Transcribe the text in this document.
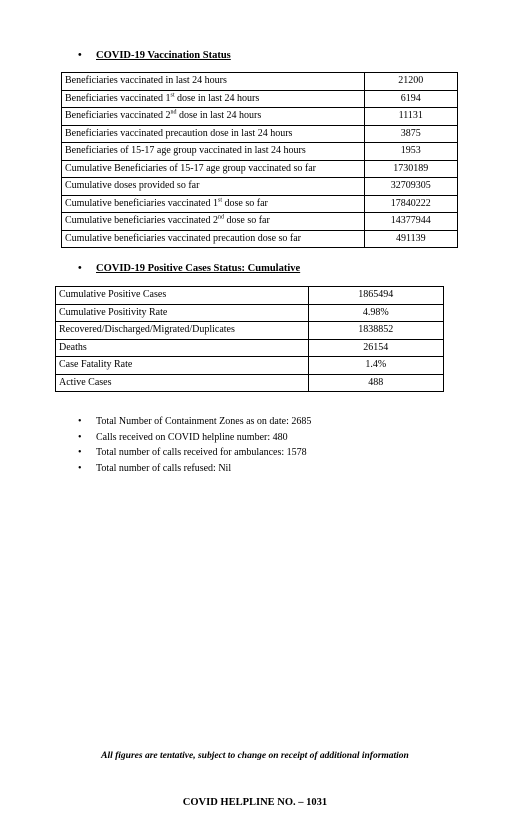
• COVID-19 Vaccination Status
Beneficiaries vaccinated in last 24 hours	21200
Beneficiaries vaccinated 1st dose in last 24 hours	6194
Beneficiaries vaccinated 2nd dose in last 24 hours	11131
Beneficiaries vaccinated precaution dose in last 24 hours	3875
Beneficiaries of 15-17 age group vaccinated in last 24 hours	1953
Cumulative Beneficiaries of 15-17 age group vaccinated so far	1730189
Cumulative doses provided so far	32709305
Cumulative beneficiaries vaccinated 1st dose so far	17840222
Cumulative beneficiaries vaccinated 2nd dose so far	14377944
Cumulative beneficiaries vaccinated precaution dose so far	491139
• COVID-19 Positive Cases Status: Cumulative
Cumulative Positive Cases	1865494
Cumulative Positivity Rate	4.98%
Recovered/Discharged/Migrated/Duplicates	1838852
Deaths	26154
Case Fatality Rate	1.4%
Active Cases	488
• Total Number of Containment Zones as on date: 2685
• Calls received on COVID helpline number: 480
• Total number of calls received for ambulances: 1578
• Total number of calls refused: Nil
All figures are tentative, subject to change on receipt of additional information
COVID HELPLINE NO. – 1031
